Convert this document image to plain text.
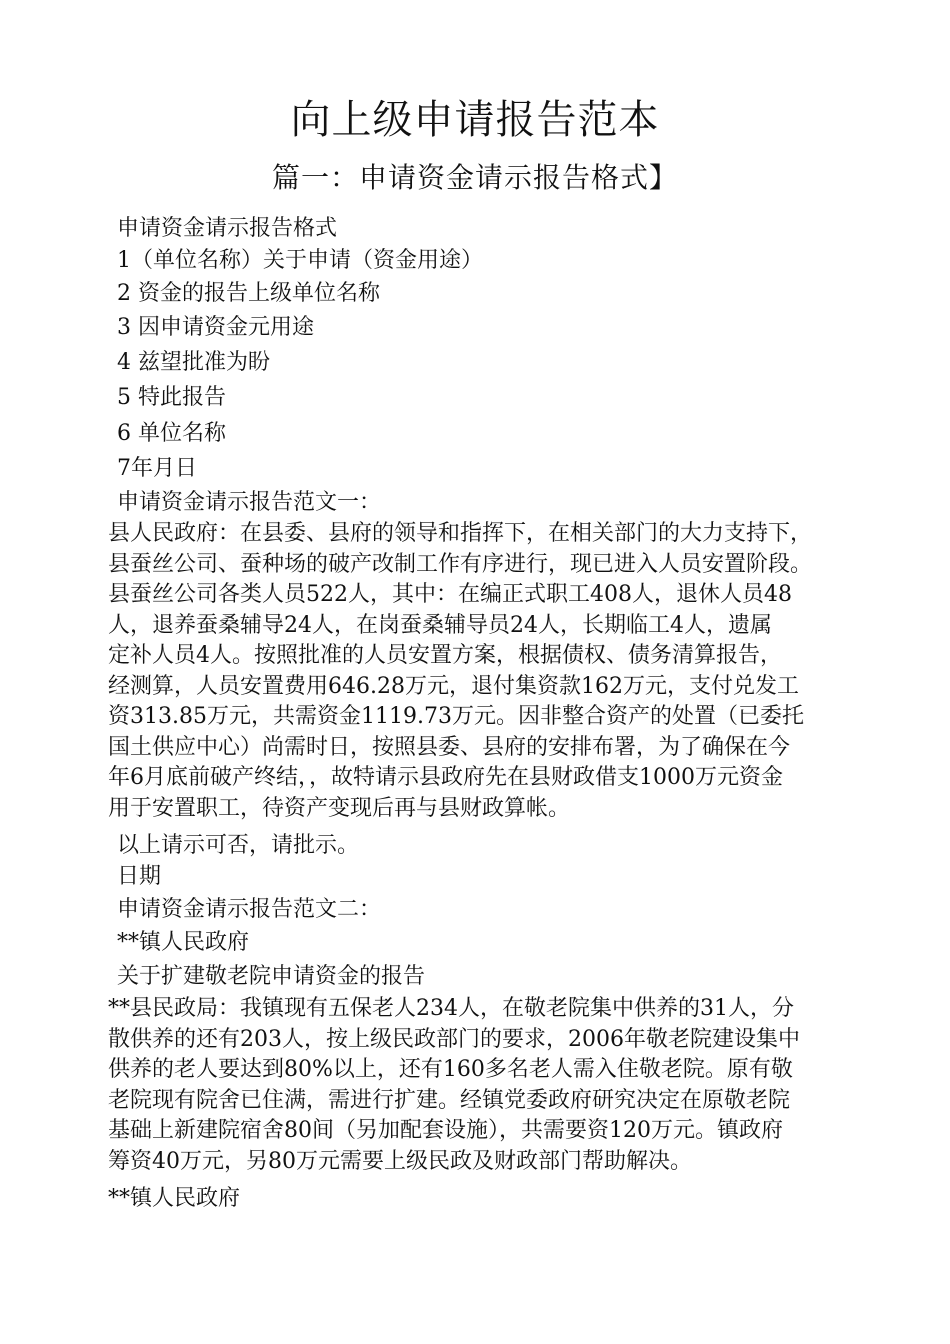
向上级申请报告范本
篇一：申请资金请示报告格式】
申请资金请示报告格式
1（单位名称）关于申请（资金用途）
2 资金的报告上级单位名称
3 因申请资金元用途
4 兹望批准为盼
5 特此报告
6 单位名称
7年月日
申请资金请示报告范文一：

县人民政府：在县委、县府的领导和指挥下，在相关部门的大力支持下，

县蚕丝公司、蚕种场的破产改制工作有序进行，现已进入人员安置阶段。

县蚕丝公司各类人员522人，其中：在编正式职工408人，退休人员48

人，退养蚕桑辅导24人，在岗蚕桑辅导员24人，长期临工4人，遗属

定补人员4人。按照批准的人员安置方案，根据债权、债务清算报告，

经测算，人员安置费用646.28万元，退付集资款162万元，支付兑发工

资313.85万元，共需资金1119.73万元。因非整合资产的处置（已委托

国土供应中心）尚需时日，按照县委、县府的安排布署，为了确保在今

年6月底前破产终结，，故特请示县政府先在县财政借支1000万元资金

用于安置职工，待资产变现后再与县财政算帐。

以上请示可否，请批示。
日期
申请资金请示报告范文二：
**镇人民政府
关于扩建敬老院申请资金的报告

**县民政局：我镇现有五保老人234人，在敬老院集中供养的31人，分

散供养的还有203人，按上级民政部门的要求，2006年敬老院建设集中

供养的老人要达到80%以上，还有160多名老人需入住敬老院。原有敬

老院现有院舍已住满，需进行扩建。经镇党委政府研究决定在原敬老院

基础上新建院宿舍80间（另加配套设施），共需要资120万元。镇政府

筹资40万元，另80万元需要上级民政及财政部门帮助解决。

**镇人民政府
